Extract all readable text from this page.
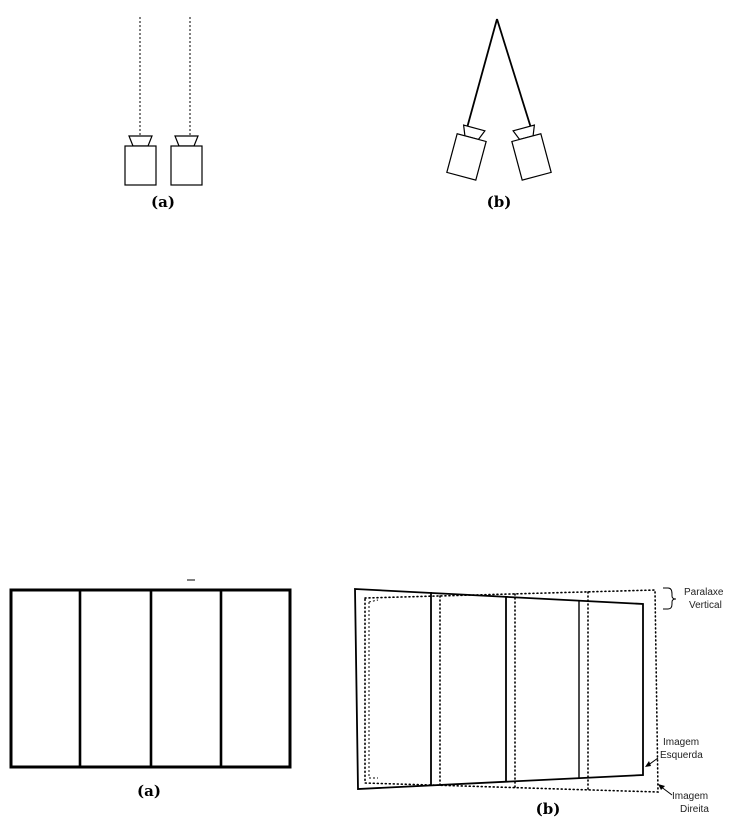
(a)	(b)
(a)
Paralaxe
Vertical
Imagem
Esquerda
Imagem
Direita
(b)
